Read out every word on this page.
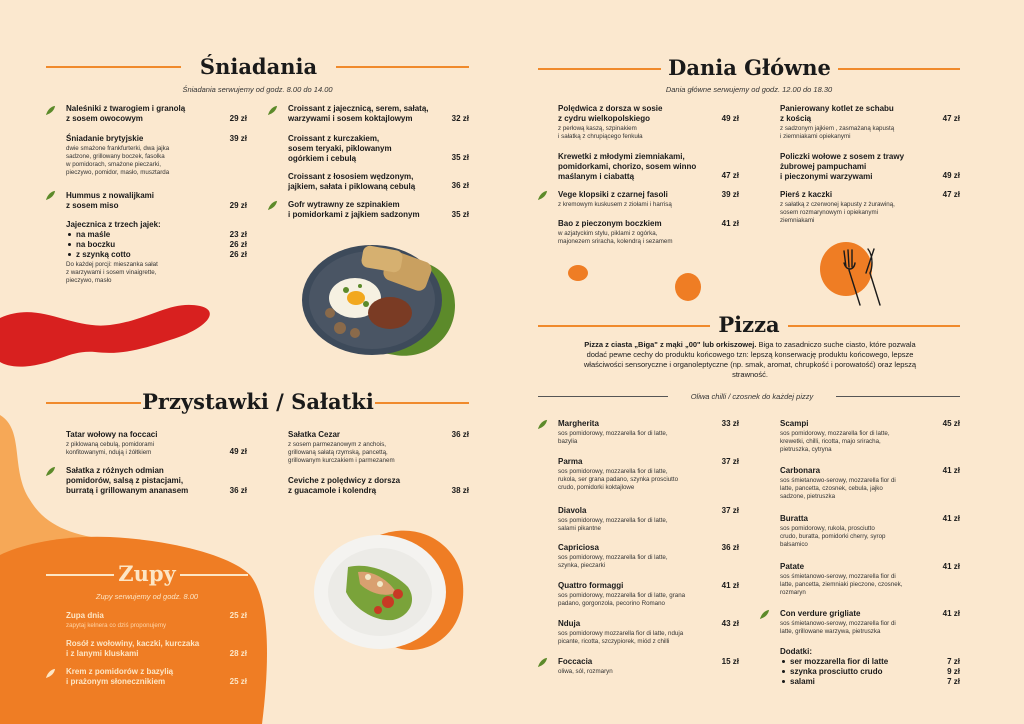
Śniadania
Śniadania serwujemy od godz. 8.00 do 14.00
Naleśniki z twarogiem i granolą
z sosem owocowym	29 zł
Śniadanie brytyjskie
dwie smażone frankfurterki, dwa jajka
sadzone, grillowany boczek, fasolka
w pomidorach, smażone pieczarki,
pieczywo, pomidor, masło, musztarda
39 zł
Hummus z nowalijkami
z sosem miso	29 zł
Jajecznica z trzech jajek:
na maśle	23 zł
na boczku	26 zł
z szynką cotto	26 zł
Do każdej porcji: mieszanka sałat
z warzywami i sosem vinaigrette,
pieczywo, masło
Croissant z jajecznicą, serem, sałatą,
warzywami i sosem koktajlowym	32 zł
Croissant z kurczakiem,
sosem teryaki, piklowanym
ogórkiem i cebulą	35 zł
Croissant z łososiem wędzonym,
jajkiem, sałata i piklowaną cebulą	36 zł
Gofr wytrawny ze szpinakiem
i pomidorkami z jajkiem sadzonym	35 zł
Przystawki / Sałatki
Tatar wołowy na foccaci
z piklowaną cebulą, pomidorami
konfitowanymi, ndują i żółtkiem	49 zł
Sałatka z różnych odmian
pomidorów, salsą z pistacjami,
burratą i grillowanym ananasem	36 zł
Sałatka Cezar
z sosem parmezanowym z anchois,
grillowaną sałatą rzymską, pancettą,
grillowanym kurczakiem i parmezanem
36 zł
Ceviche z polędwicy z dorsza
z guacamole i kolendrą	38 zł
Zupy
Zupy serwujemy od godz. 8.00
Zupa dnia
zapytaj kelnera co dziś proponujemy
25 zł
Rosół z wołowiny, kaczki, kurczaka
i z lanymi kluskami	28 zł
Krem z pomidorów z bazylią
i prażonym słonecznikiem	25 zł
Dania Główne
Dania główne serwujemy od godz. 12.00 do 18.30
Polędwica z dorsza w sosie
z cydru wielkopolskiego
z perłową kaszą, szpinakiem
i sałatką z chrupiącego fenkuła
49 zł
Krewetki z młodymi ziemniakami,
pomidorkami, chorizo, sosem winno
maślanym i ciabattą	47 zł
Vege klopsiki z czarnej fasoli
z kremowym kuskusem z ziołami i harrisą
39 zł
Bao z pieczonym boczkiem
w azjatyckim stylu, piklami z ogórka,
majonezem sriracha, kolendrą i sezamem
41 zł
Panierowany kotlet ze schabu
z kością
z sadzonym jajkiem , zasmażaną kapustą
i ziemniakami opiekanymi
47 zł
Policzki wołowe z sosem z trawy
żubrowej pampuchami
i pieczonymi warzywami	49 zł
Pierś z kaczki
z sałatką z czerwonej kapusty z żurawiną,
sosem rozmarynowym i opiekanymi
ziemniakami
47 zł
Pizza
Pizza z ciasta „Biga" z mąki „00" lub orkiszowej. Biga to zasadniczo suche ciasto, które pozwala dodać pewne cechy do produktu końcowego tzn: lepszą konserwację produktu końcowego, lepsze właściwości sensoryczne i organoleptyczne (np. smak, aromat, chrupkość i porowatość) oraz lepszą strawność.
Oliwa chilli / czosnek do każdej pizzy
Margherita
sos pomidorowy, mozzarella fior di latte,
bazylia
33 zł
Parma
sos pomidorowy, mozzarella fior di latte,
rukola, ser grana padano, szynka prosciutto
crudo, pomidorki koktajlowe
37 zł
Diavola
sos pomidorowy, mozzarella fior di latte,
salami pikantne
37 zł
Capriciosa
sos pomidorowy, mozzarella fior di latte,
szynka, pieczarki
36 zł
Quattro formaggi
sos pomidorowy, mozzarella fior di latte, grana
padano, gorgonzola, pecorino Romano
41 zł
Nduja
sos pomidorowy mozzarella fior di latte, nduja
picante, ricotta, szczypiorek, miód z chilli
43 zł
Foccacia
oliwa, sól, rozmaryn
15 zł
Scampi
sos pomidorowy, mozzarella fior di latte,
krewetki, chilli, ricotta, majo sriracha,
pietruszka, cytryna
45 zł
Carbonara
sos śmietanowo-serowy, mozzarella fior di
latte, pancetta, czosnek, cebula, jajko
sadzone, pietruszka
41 zł
Buratta
sos pomidorowy, rukola, prosciutto
crudo, buratta, pomidorki cherry, syrop
balsamico
41 zł
Patate
sos śmietanowo-serowy, mozzarella fior di
latte, pancetta, ziemniaki pieczone, czosnek,
rozmaryn
41 zł
Con verdure grigliate
sos śmietanowo-serowy, mozzarella fior di
latte, grillowane warzywa, pietruszka
41 zł
Dodatki:
ser mozzarella fior di latte	7 zł
szynka prosciutto crudo	9 zł
salami	7 zł
